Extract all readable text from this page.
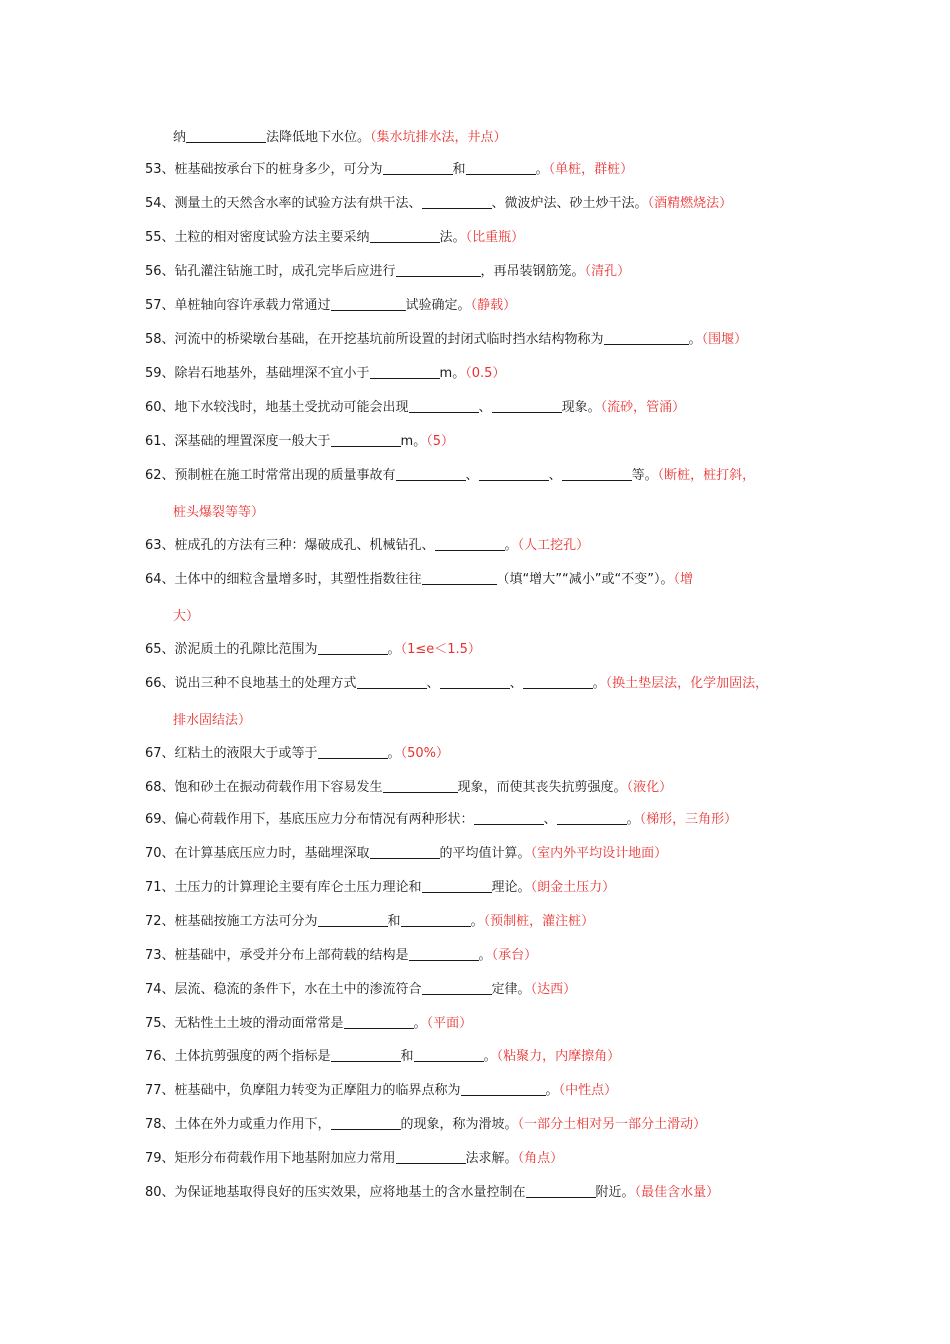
纳	法降低地下水位。（集水坑排水法，井点）
53、桩基础按承台下的桩身多少，可分为	和	。（单桩，群桩）
54、测量土的天然含水率的试验方法有烘干法、	、微波炉法、砂土炒干法。（酒精燃烧法）
55、土粒的相对密度试验方法主要采纳	法。（比重瓶）
56、钻孔灌注钻施工时，成孔完毕后应进行	，再吊装钢筋笼。（清孔）
57、单桩轴向容许承载力常通过	试验确定。（静载）
58、河流中的桥梁墩台基础，在开挖基坑前所设置的封闭式临时挡水结构物称为	。（围堰）
59、除岩石地基外，基础埋深不宜小于	m。（0.5）
60、地下水较浅时，地基土受扰动可能会出现	、	现象。（流砂，管涌）
61、深基础的埋置深度一般大于	m。（5）
62、预制桩在施工时常常出现的质量事故有	、	、	等。（断桩，桩打斜，
桩头爆裂等等）
63、桩成孔的方法有三种：爆破成孔、机械钻孔、	。（人工挖孔）
64、土体中的细粒含量增多时，其塑性指数往往	（填“增大”“减小”或“不变”）。（增
大）
65、淤泥质土的孔隙比范围为	。（1≤e＜1.5）
66、说出三种不良地基土的处理方式	、	、	。（换土垫层法，化学加固法，
排水固结法）
67、红粘土的液限大于或等于	。（50%）
68、饱和砂土在振动荷载作用下容易发生	现象，而使其丧失抗剪强度。（液化）
69、偏心荷载作用下，基底压应力分布情况有两种形状：	、	。（梯形，三角形）
70、在计算基底压应力时，基础埋深取	的平均值计算。（室内外平均设计地面）
71、土压力的计算理论主要有库仑土压力理论和	理论。（朗金土压力）
72、桩基础按施工方法可分为	和	。（预制桩，灌注桩）
73、桩基础中，承受并分布上部荷载的结构是	。（承台）
74、层流、稳流的条件下，水在土中的渗流符合	定律。（达西）
75、无粘性土土坡的滑动面常常是	。（平面）
76、土体抗剪强度的两个指标是	和	。（粘聚力，内摩擦角）
77、桩基础中，负摩阻力转变为正摩阻力的临界点称为	。（中性点）
78、土体在外力或重力作用下，	的现象，称为滑坡。（一部分土相对另一部分土滑动）
79、矩形分布荷载作用下地基附加应力常用	法求解。（角点）
80、为保证地基取得良好的压实效果，应将地基土的含水量控制在	附近。（最佳含水量）
